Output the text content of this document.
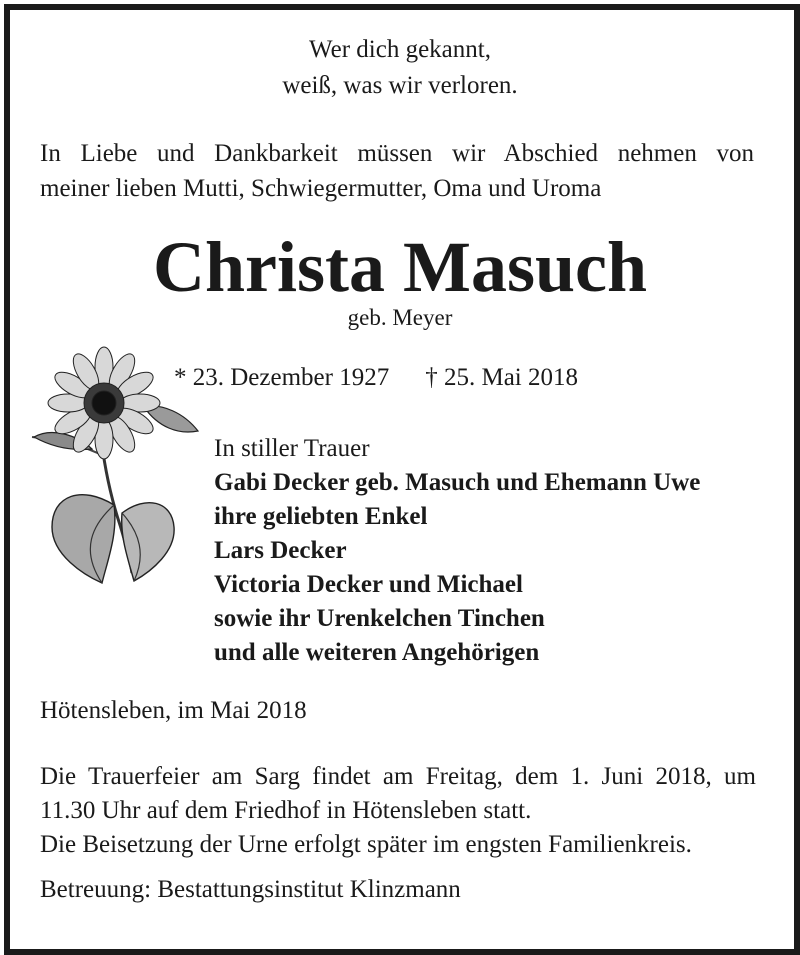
Wer dich gekannt,
weiß, was wir verloren.
In Liebe und Dankbarkeit müssen wir Abschied nehmen von
meiner lieben Mutti, Schwiegermutter, Oma und Uroma
Christa Masuch
geb. Meyer
* 23. Dezember 1927 † 25. Mai 2018
In stiller Trauer
Gabi Decker geb. Masuch und Ehemann Uwe
ihre geliebten Enkel
Lars Decker
Victoria Decker und Michael
sowie ihr Urenkelchen Tinchen
und alle weiteren Angehörigen
Hötensleben, im Mai 2018
Die Trauerfeier am Sarg findet am Freitag, dem 1. Juni 2018, um
11.30 Uhr auf dem Friedhof in Hötensleben statt.
Die Beisetzung der Urne erfolgt später im engsten Familienkreis.
Betreuung: Bestattungsinstitut Klinzmann
